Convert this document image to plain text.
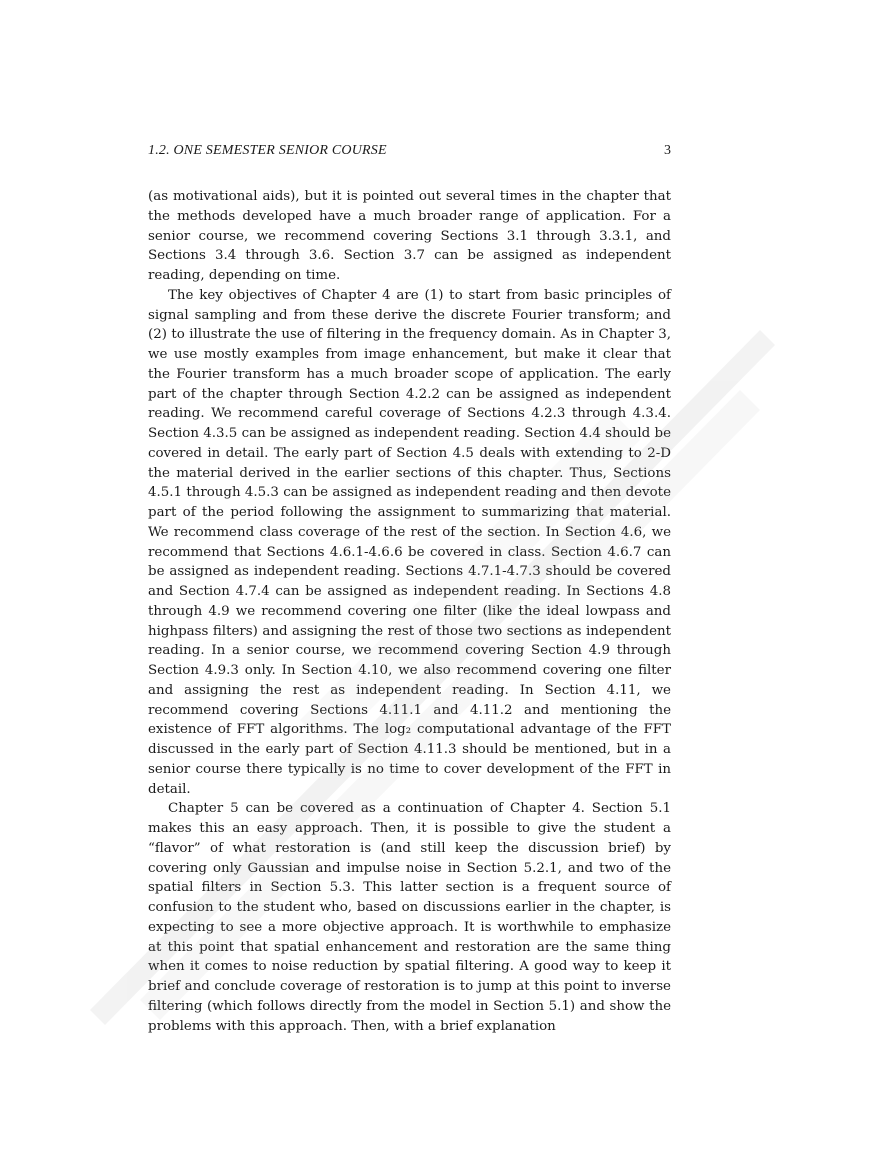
1.2. ONE SEMESTER SENIOR COURSE	3

(as motivational aids), but it is pointed out several times in the chapter that the methods developed have a much broader range of application. For a senior course, we recommend covering Sections 3.1 through 3.3.1, and Sections 3.4 through 3.6. Section 3.7 can be assigned as independent reading, depending on time.

The key objectives of Chapter 4 are (1) to start from basic principles of signal sampling and from these derive the discrete Fourier transform; and (2) to illustrate the use of filtering in the frequency domain. As in Chapter 3, we use mostly examples from image enhancement, but make it clear that the Fourier transform has a much broader scope of application. The early part of the chapter through Section 4.2.2 can be assigned as independent reading. We recommend careful coverage of Sections 4.2.3 through 4.3.4. Section 4.3.5 can be assigned as independent reading. Section 4.4 should be covered in detail. The early part of Section 4.5 deals with extending to 2-D the material derived in the earlier sections of this chapter. Thus, Sections 4.5.1 through 4.5.3 can be assigned as independent reading and then devote part of the period following the assignment to summarizing that material. We recommend class coverage of the rest of the section. In Section 4.6, we recommend that Sections 4.6.1-4.6.6 be covered in class. Section 4.6.7 can be assigned as independent reading. Sections 4.7.1-4.7.3 should be covered and Section 4.7.4 can be assigned as independent reading. In Sections 4.8 through 4.9 we recommend covering one filter (like the ideal lowpass and highpass filters) and assigning the rest of those two sections as independent reading. In a senior course, we recommend covering Section 4.9 through Section 4.9.3 only. In Section 4.10, we also recommend covering one filter and assigning the rest as independent reading. In Section 4.11, we recommend covering Sections 4.11.1 and 4.11.2 and mentioning the existence of FFT algorithms. The log₂ computational advantage of the FFT discussed in the early part of Section 4.11.3 should be mentioned, but in a senior course there typically is no time to cover development of the FFT in detail.

Chapter 5 can be covered as a continuation of Chapter 4. Section 5.1 makes this an easy approach. Then, it is possible to give the student a “flavor” of what restoration is (and still keep the discussion brief) by covering only Gaussian and impulse noise in Section 5.2.1, and two of the spatial filters in Section 5.3. This latter section is a frequent source of confusion to the student who, based on discussions earlier in the chapter, is expecting to see a more objective approach. It is worthwhile to emphasize at this point that spatial enhancement and restoration are the same thing when it comes to noise reduction by spatial filtering. A good way to keep it brief and conclude coverage of restoration is to jump at this point to inverse filtering (which follows directly from the model in Section 5.1) and show the problems with this approach. Then, with a brief explanation
